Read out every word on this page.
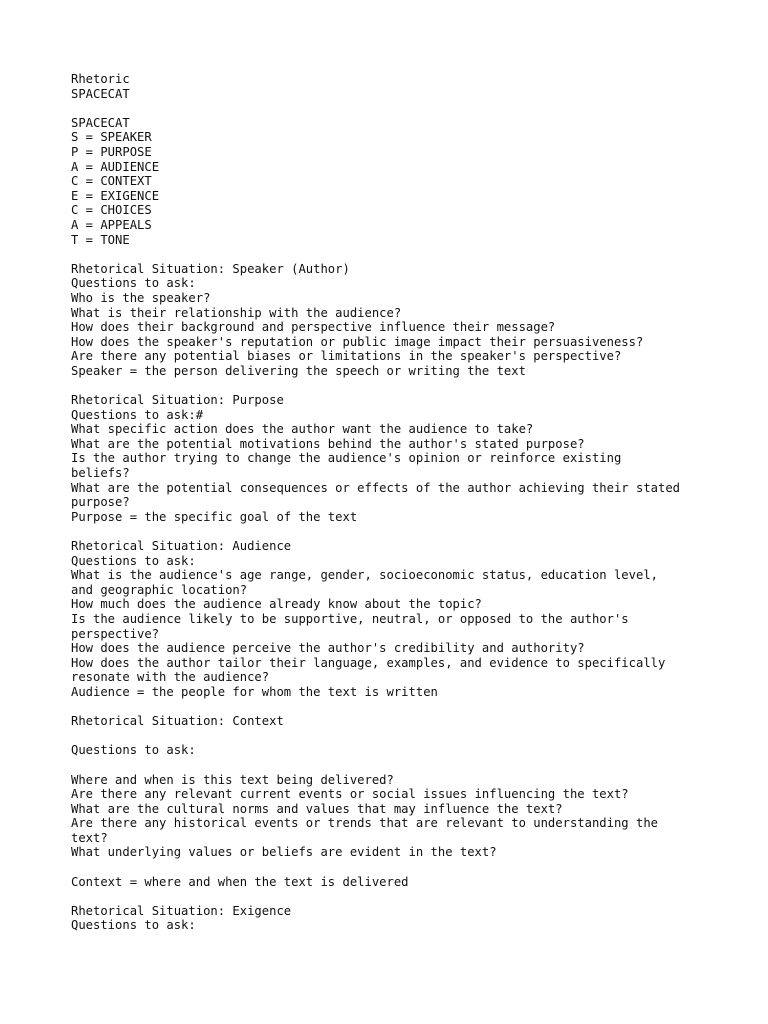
Rhetoric
SPACECAT
SPACECAT
S = SPEAKER
P = PURPOSE
A = AUDIENCE
C = CONTEXT
E = EXIGENCE
C = CHOICES
A = APPEALS
T = TONE
Rhetorical Situation: Speaker (Author)
Questions to ask:
Who is the speaker?
What is their relationship with the audience?
How does their background and perspective influence their message?
How does the speaker's reputation or public image impact their persuasiveness?
Are there any potential biases or limitations in the speaker's perspective?
Speaker = the person delivering the speech or writing the text
Rhetorical Situation: Purpose
Questions to ask:#
What specific action does the author want the audience to take?
What are the potential motivations behind the author's stated purpose?
Is the author trying to change the audience's opinion or reinforce existing
beliefs?
What are the potential consequences or effects of the author achieving their stated
purpose?
Purpose = the specific goal of the text
Rhetorical Situation: Audience
Questions to ask:
What is the audience's age range, gender, socioeconomic status, education level,
and geographic location?
How much does the audience already know about the topic?
Is the audience likely to be supportive, neutral, or opposed to the author's
perspective?
How does the audience perceive the author's credibility and authority?
How does the author tailor their language, examples, and evidence to specifically
resonate with the audience?
Audience = the people for whom the text is written
Rhetorical Situation: Context
Questions to ask:
Where and when is this text being delivered?
Are there any relevant current events or social issues influencing the text?
What are the cultural norms and values that may influence the text?
Are there any historical events or trends that are relevant to understanding the
text?
What underlying values or beliefs are evident in the text?
Context = where and when the text is delivered
Rhetorical Situation: Exigence
Questions to ask:
